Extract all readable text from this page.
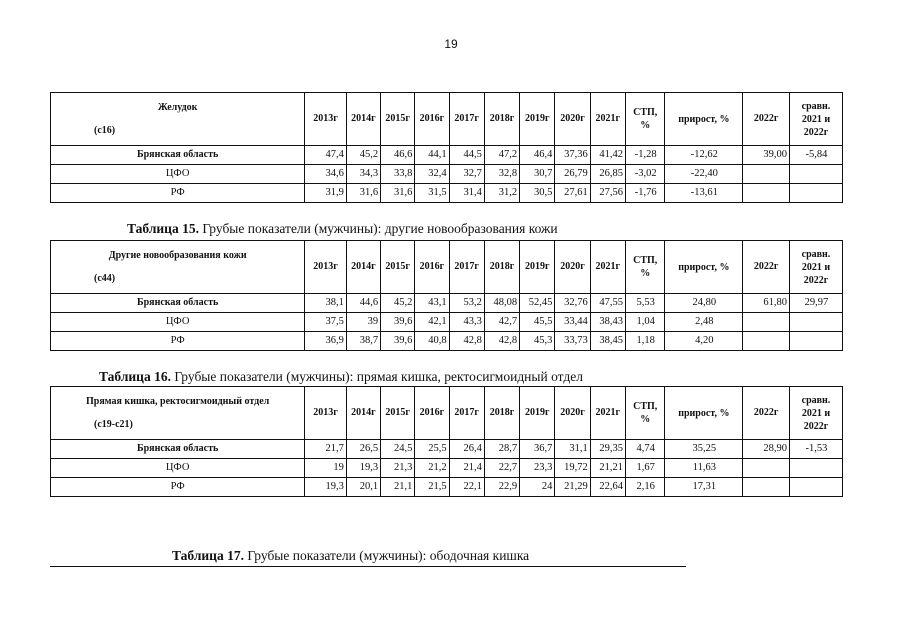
19
Таблица 15. Грубые показатели (мужчины): другие новообразования кожи
Таблица 16. Грубые показатели (мужчины): прямая кишка, ректосигмоидный отдел
Таблица 17. Грубые показатели (мужчины): ободочная кишка
Желудок
(с16)	2013г	2014г	2015г	2016г	2017г	2018г	2019г	2020г	2021г	СТП, %	прирост, %	2022г	сравн. 2021 и 2022г
Брянская область	47,4	45,2	46,6	44,1	44,5	47,2	46,4	37,36	41,42	-1,28	-12,62	39,00	-5,84
ЦФО	34,6	34,3	33,8	32,4	32,7	32,8	30,7	26,79	26,85	-3,02	-22,40		
РФ	31,9	31,6	31,6	31,5	31,4	31,2	30,5	27,61	27,56	-1,76	-13,61		
Другие новообразования кожи
(с44)	2013г	2014г	2015г	2016г	2017г	2018г	2019г	2020г	2021г	СТП, %	прирост, %	2022г	сравн. 2021 и 2022г
Брянская область	38,1	44,6	45,2	43,1	53,2	48,08	52,45	32,76	47,55	5,53	24,80	61,80	29,97
ЦФО	37,5	39	39,6	42,1	43,3	42,7	45,5	33,44	38,43	1,04	2,48		
РФ	36,9	38,7	39,6	40,8	42,8	42,8	45,3	33,73	38,45	1,18	4,20		
Прямая кишка, ректосигмоидный отдел
(с19-с21)	2013г	2014г	2015г	2016г	2017г	2018г	2019г	2020г	2021г	СТП, %	прирост, %	2022г	сравн. 2021 и 2022г
Брянская область	21,7	26,5	24,5	25,5	26,4	28,7	36,7	31,1	29,35	4,74	35,25	28,90	-1,53
ЦФО	19	19,3	21,3	21,2	21,4	22,7	23,3	19,72	21,21	1,67	11,63		
РФ	19,3	20,1	21,1	21,5	22,1	22,9	24	21,29	22,64	2,16	17,31		
